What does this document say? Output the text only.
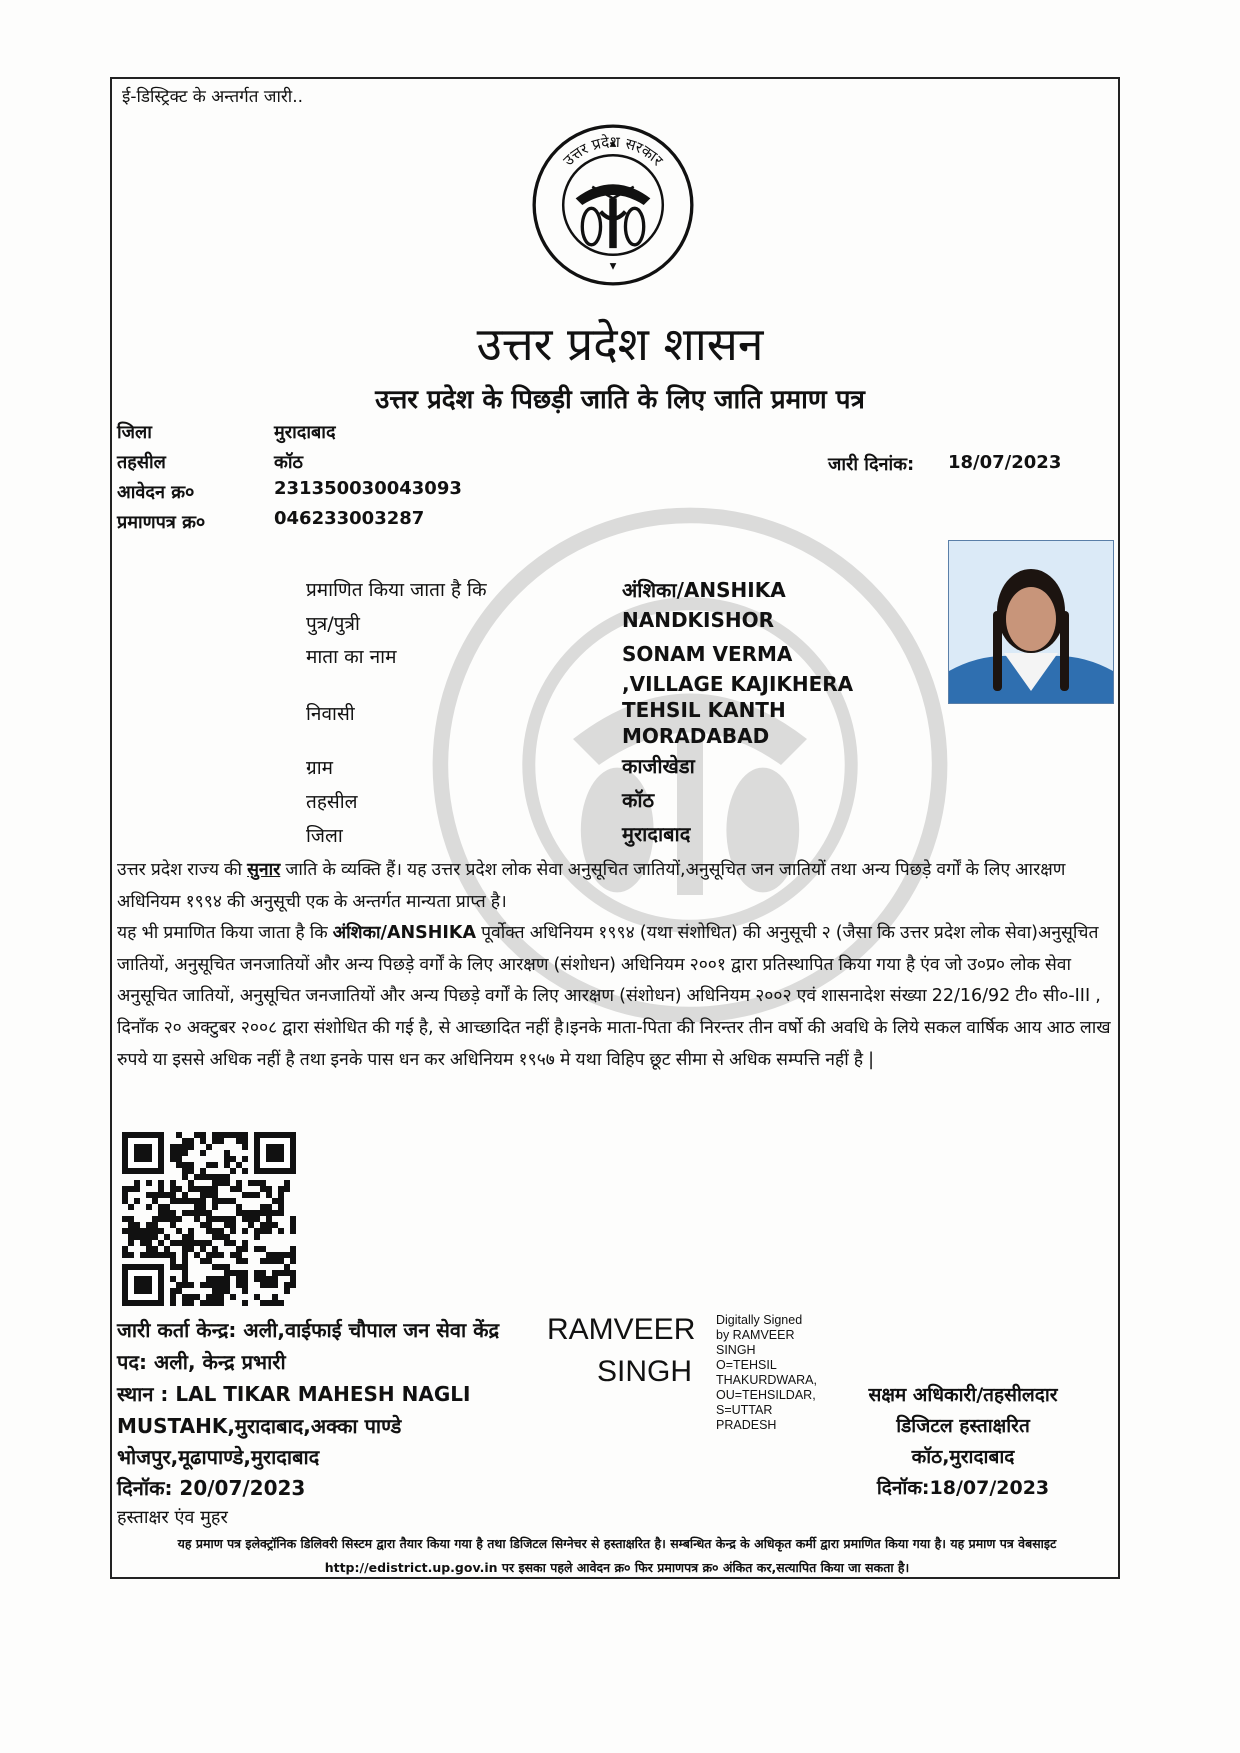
ई-डिस्ट्रिक्ट के अन्तर्गत जारी..
उत्तर प्रदेश सरकार
उत्तर प्रदेश शासन
उत्तर प्रदेश के पिछड़ी जाति के लिए जाति प्रमाण पत्र
जिला	मुरादाबाद
तहसील	कॉठ
आवेदन क्र०	231350030043093
प्रमाणपत्र क्र०	046233003287
जारी दिनांक: 18/07/2023
प्रमाणित किया जाता है कि	अंशिका/ANSHIKA
पुत्र/पुत्री	NANDKISHOR
माता का नाम	SONAM VERMA
,VILLAGE KAJIKHERA
निवासी	TEHSIL KANTH
MORADABAD
ग्राम	काजीखेडा
तहसील	कॉठ
जिला	मुरादाबाद
उत्तर प्रदेश राज्य की सुनार जाति के व्यक्ति हैं। यह उत्तर प्रदेश लोक सेवा अनुसूचित जातियों,अनुसूचित जन जातियों तथा अन्य पिछड़े वर्गों के लिए आरक्षण अधिनियम १९९४ की अनुसूची एक के अन्तर्गत मान्यता प्राप्त है।
यह भी प्रमाणित किया जाता है कि अंशिका/ANSHIKA पूर्वोक्त अधिनियम १९९४ (यथा संशोधित) की अनुसूची २ (जैसा कि उत्तर प्रदेश लोक सेवा)अनुसूचित जातियों, अनुसूचित जनजातियों और अन्य पिछड़े वर्गों के लिए आरक्षण (संशोधन) अधिनियम २००१ द्वारा प्रतिस्थापित किया गया है एंव जो उ०प्र० लोक सेवा अनुसूचित जातियों, अनुसूचित जनजातियों और अन्य पिछड़े वर्गों के लिए आरक्षण (संशोधन) अधिनियम २००२ एवं शासनादेश संख्या 22/16/92 टी० सी०-III , दिनाँक २० अक्टुबर २००८ द्वारा संशोधित की गई है, से आच्छादित नहीं है।इनके माता-पिता की निरन्तर तीन वर्षो की अवधि के लिये सकल वार्षिक आय आठ लाख रुपये या इससे अधिक नहीं है तथा इनके पास धन कर अधिनियम १९५७ मे यथा विहिप छूट सीमा से अधिक सम्पत्ति नहीं है |
जारी कर्ता केन्द्र: अली,वाईफाई चौपाल जन सेवा केंद्र
पद: अली, केन्द्र प्रभारी
स्थान : LAL TIKAR MAHESH NAGLI
MUSTAHK,मुरादाबाद,अक्का पाण्डे
भोजपुर,मूढापाण्डे,मुरादाबाद
दिनॉक: 20/07/2023
हस्ताक्षर एंव मुहर
RAMVEER
SINGH
Digitally Signed
by RAMVEER
SINGH
O=TEHSIL
THAKURDWARA,
OU=TEHSILDAR,
S=UTTAR
PRADESH
सक्षम अधिकारी/तहसीलदार
डिजिटल हस्ताक्षरित
कॉठ,मुरादाबाद
दिनॉक:18/07/2023
यह प्रमाण पत्र इलेक्ट्रॉनिक डिलिवरी सिस्टम द्वारा तैयार किया गया है तथा डिजिटल सिग्नेचर से हस्ताक्षरित है। सम्बन्धित केन्द्र के अधिकृत कर्मी द्वारा प्रमाणित किया गया है। यह प्रमाण पत्र वेबसाइट http://edistrict.up.gov.in पर इसका पहले आवेदन क्र० फिर प्रमाणपत्र क्र० अंकित कर,सत्यापित किया जा सकता है।
